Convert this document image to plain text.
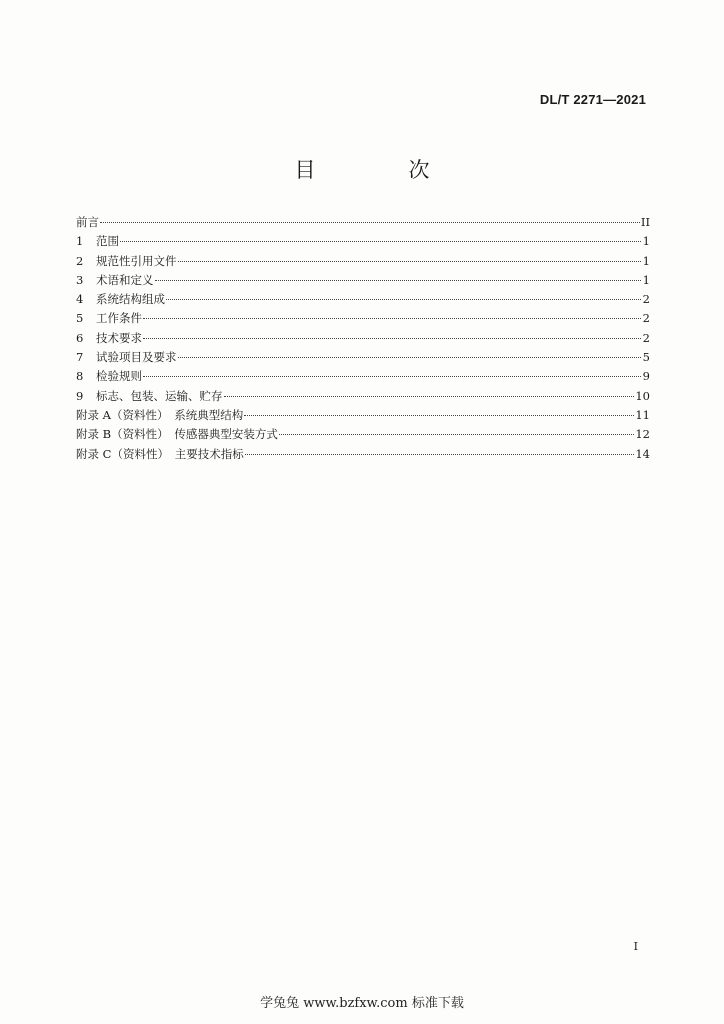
DL/T 2271—2021
目　次
前言	II
1	范围	1
2	规范性引用文件	1
3	术语和定义	1
4	系统结构组成	2
5	工作条件	2
6	技术要求	2
7	试验项目及要求	5
8	检验规则	9
9	标志、包装、运输、贮存	10
附录 A（资料性）　系统典型结构	11
附录 B（资料性）　传感器典型安装方式	12
附录 C（资料性）　主要技术指标	14
I
学兔兔 www.bzfxw.com 标准下载
